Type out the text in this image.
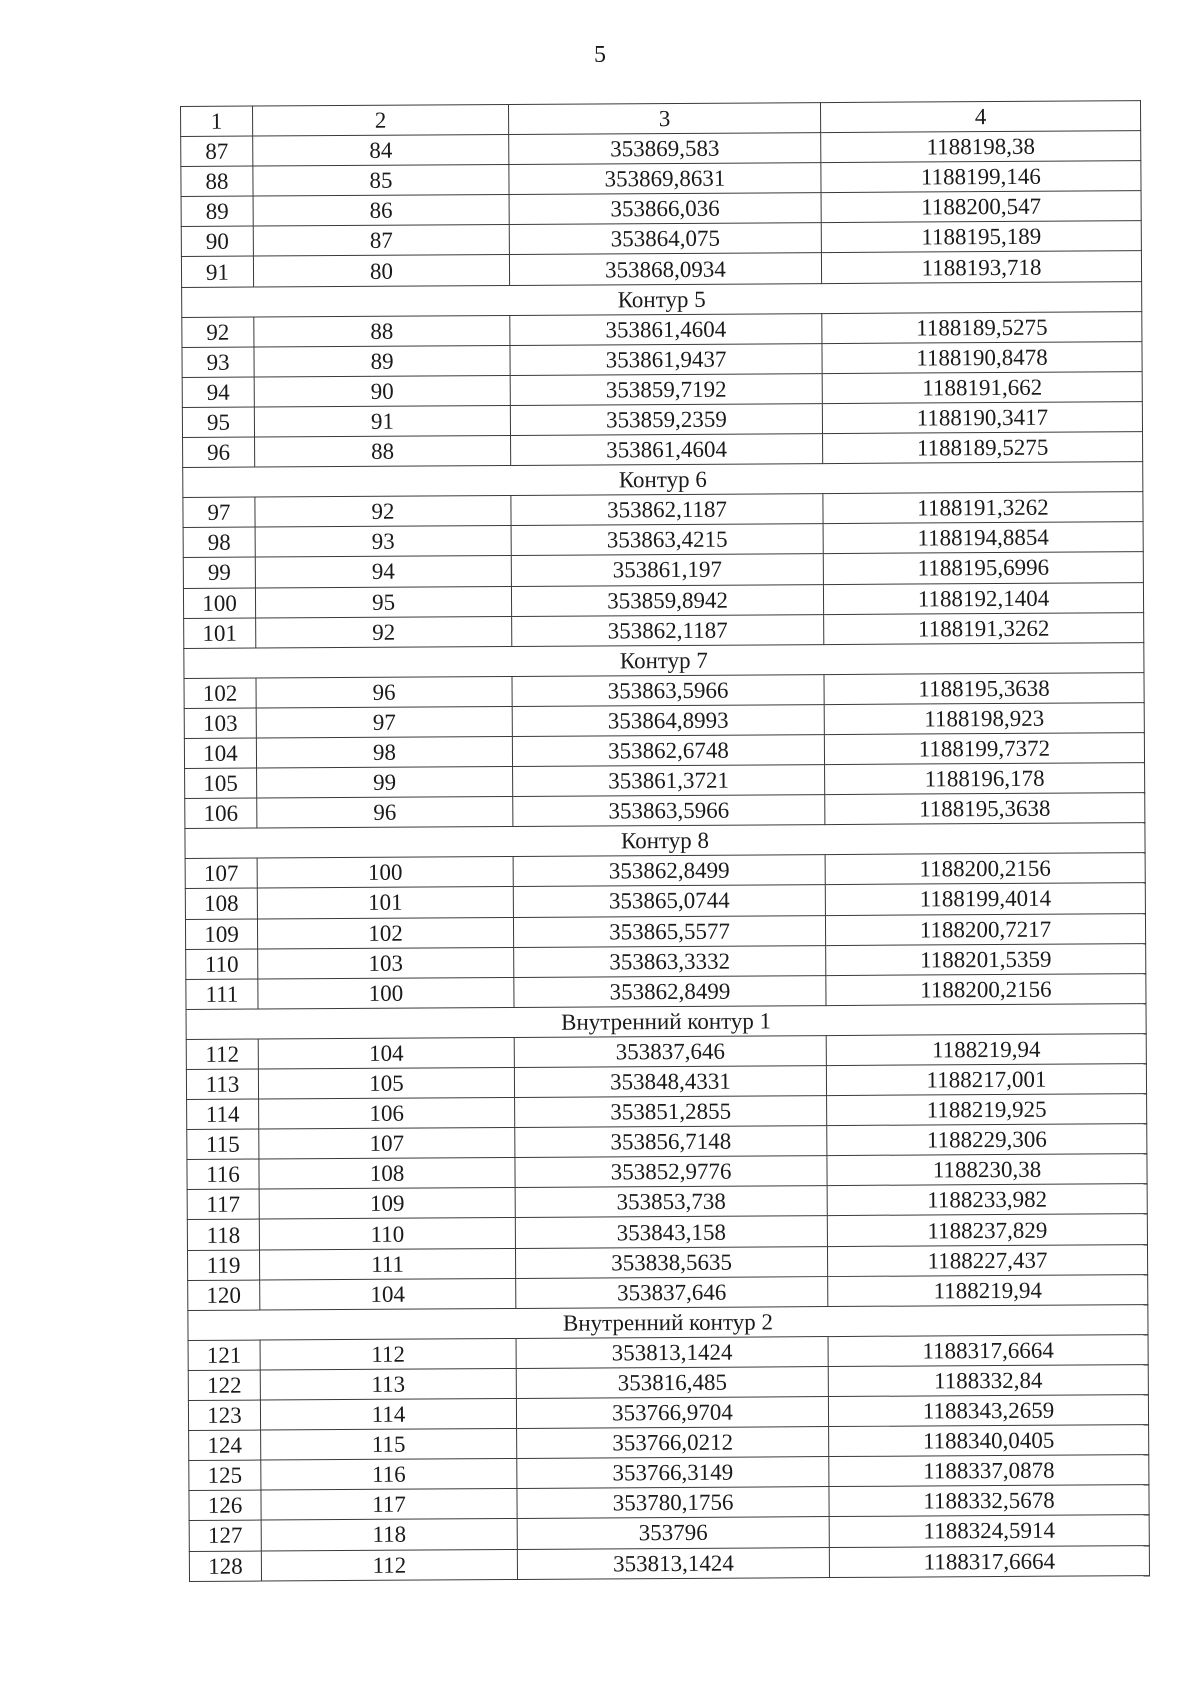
5
1	2	3	4
87	84	353869,583	1188198,38
88	85	353869,8631	1188199,146
89	86	353866,036	1188200,547
90	87	353864,075	1188195,189
91	80	353868,0934	1188193,718
Контур 5			
92	88	353861,4604	1188189,5275
93	89	353861,9437	1188190,8478
94	90	353859,7192	1188191,662
95	91	353859,2359	1188190,3417
96	88	353861,4604	1188189,5275
Контур 6			
97	92	353862,1187	1188191,3262
98	93	353863,4215	1188194,8854
99	94	353861,197	1188195,6996
100	95	353859,8942	1188192,1404
101	92	353862,1187	1188191,3262
Контур 7			
102	96	353863,5966	1188195,3638
103	97	353864,8993	1188198,923
104	98	353862,6748	1188199,7372
105	99	353861,3721	1188196,178
106	96	353863,5966	1188195,3638
Контур 8			
107	100	353862,8499	1188200,2156
108	101	353865,0744	1188199,4014
109	102	353865,5577	1188200,7217
110	103	353863,3332	1188201,5359
111	100	353862,8499	1188200,2156
Внутренний контур 1			
112	104	353837,646	1188219,94
113	105	353848,4331	1188217,001
114	106	353851,2855	1188219,925
115	107	353856,7148	1188229,306
116	108	353852,9776	1188230,38
117	109	353853,738	1188233,982
118	110	353843,158	1188237,829
119	111	353838,5635	1188227,437
120	104	353837,646	1188219,94
Внутренний контур 2			
121	112	353813,1424	1188317,6664
122	113	353816,485	1188332,84
123	114	353766,9704	1188343,2659
124	115	353766,0212	1188340,0405
125	116	353766,3149	1188337,0878
126	117	353780,1756	1188332,5678
127	118	353796	1188324,5914
128	112	353813,1424	1188317,6664
